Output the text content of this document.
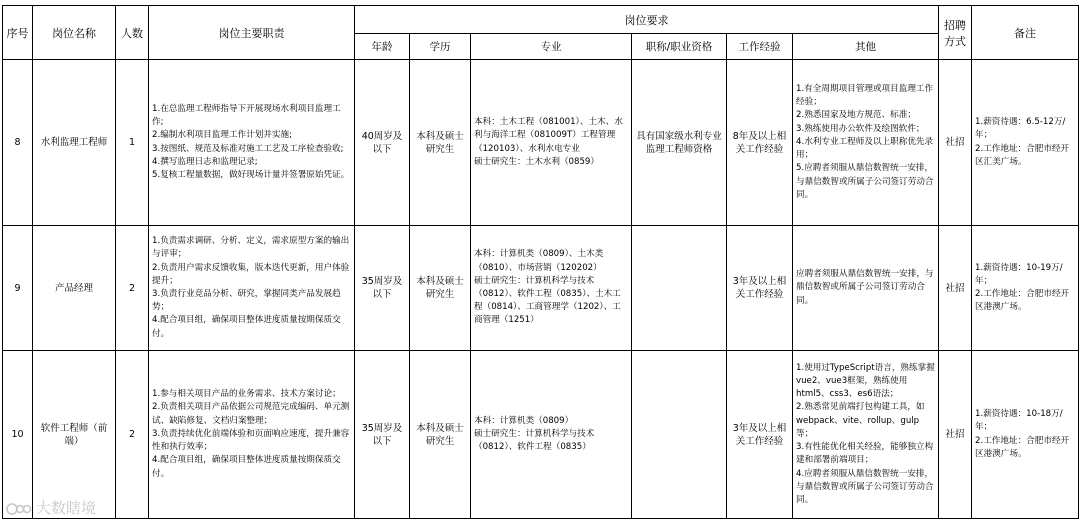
序号	岗位名称	人数	岗位主要职责	岗位要求						招聘方式	备注
				年龄	学历	专业	职称/职业资格	工作经验	其他		
8	水利监理工程师	1	1.在总监理工程师指导下开展现场水利项目监理工作;
2.编制水利项目监理工作计划并实施;
3.按图纸、规范及标准对施工工艺及工序检查验收;
4.撰写监理日志和监理记录;
5.复核工程量数据，做好现场计量并签署原始凭证。	40周岁及以下	本科及硕士研究生	本科：土木工程（081001）、土木、水利与海洋工程（081009T）工程管理（120103）、水利水电专业
硕士研究生：土木水利（0859）	具有国家级水利专业监理工程师资格	8年及以上相关工作经验	1.有全周期项目管理或项目监理工作经验；
2.熟悉国家及地方规范、标准；
3.熟练使用办公软件及绘图软件；
4.水利专业工程师及以上职称优先录用；
5.应聘者须服从鼎信数智统一安排，与鼎信数智或所属子公司签订劳动合同。	社招	1.薪资待遇：6.5-12万/年；
2.工作地址：合肥市经开区汇美广场。

9	产品经理	2	1.负责需求调研、分析、定义，需求原型方案的输出与评审；
2.负责用户需求反馈收集，版本迭代更新，用户体验提升；
3.负责行业竞品分析、研究，掌握同类产品发展趋势；
4.配合项目组，确保项目整体进度质量按期保质交付。	35周岁及以下	本科及硕士研究生	本科：计算机类（0809）、土木类（0810）、市场营销（120202）
硕士研究生：计算机科学与技术（0812）、软件工程（0835）、土木工程（0814）、工商管理学（1202）、工商管理（1251）		3年及以上相关工作经验	应聘者须服从鼎信数智统一安排，与鼎信数智或所属子公司签订劳动合同。	社招	1.薪资待遇：10-19万/年；
2.工作地址：合肥市经开区港澳广场。

10	软件工程师（前端）	2	1.参与相关项目产品的业务需求、技术方案讨论；
2.负责相关项目产品依据公司规范完成编码、单元测试、缺陷修复、文档归案整理；
3.负责持续优化前端体验和页面响应速度，提升兼容性和执行效率；
4.配合项目组，确保项目整体进度质量按期保质交付。	35周岁及以下	本科及硕士研究生	本科：计算机类（0809）
硕士研究生：计算机科学与技术（0812）、软件工程（0835）		3年及以上相关工作经验	1.使用过TypeScript语言，熟练掌握vue2、vue3框架，熟练使用html5、css3、es6语法；
2.熟悉常见前端打包构建工具，如webpack、vite、rollup、gulp等；
3.有性能优化相关经验，能够独立构建和部署前端项目；
4.应聘者须服从鼎信数智统一安排，与鼎信数智或所属子公司签订劳动合同。	社招	1.薪资待遇：10-18万/年；
2.工作地址：合肥市经开区港澳广场。
大数瞎境
